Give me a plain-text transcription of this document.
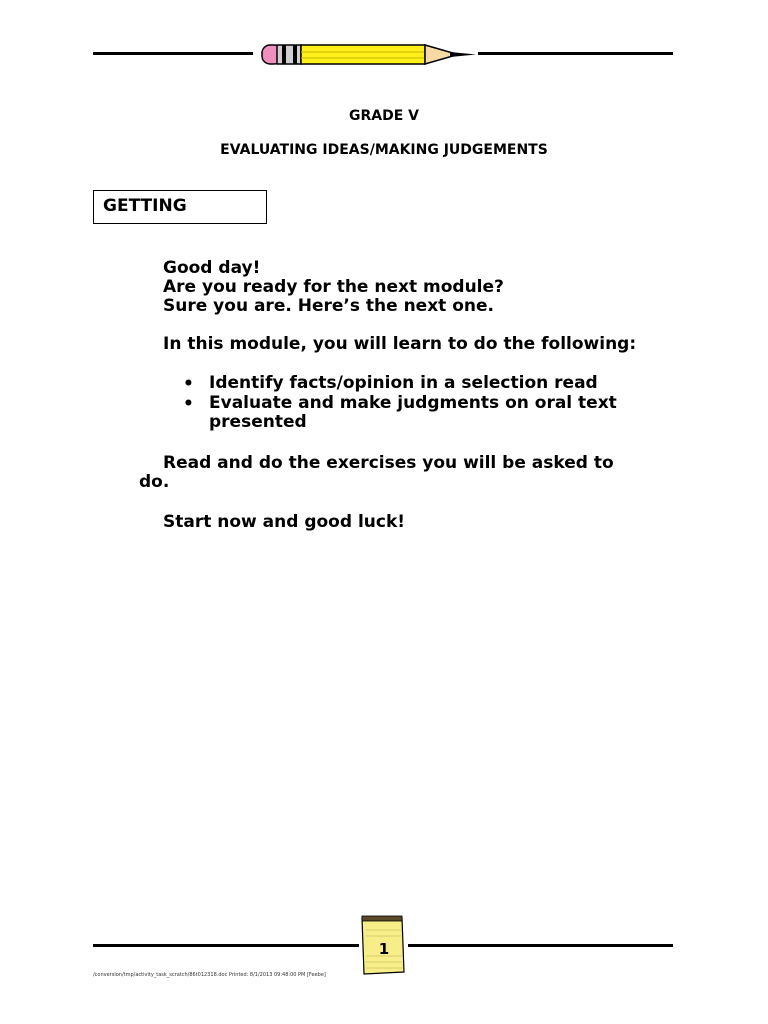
GRADE V
EVALUATING IDEAS/MAKING JUDGEMENTS
GETTING
Good day!
Are you ready for the next module?
Sure you are. Here’s the next one.
In this module, you will learn to do the following:
• Identify facts/opinion in a selection read
• Evaluate and make judgments on oral text
presented
Read and do the exercises you will be asked to
do.
Start now and good luck!
1
/conversion/tmp/activity_task_scratch/86t012318.doc Printed: 8/1/2013 09:48:00 PM [Feebe]
